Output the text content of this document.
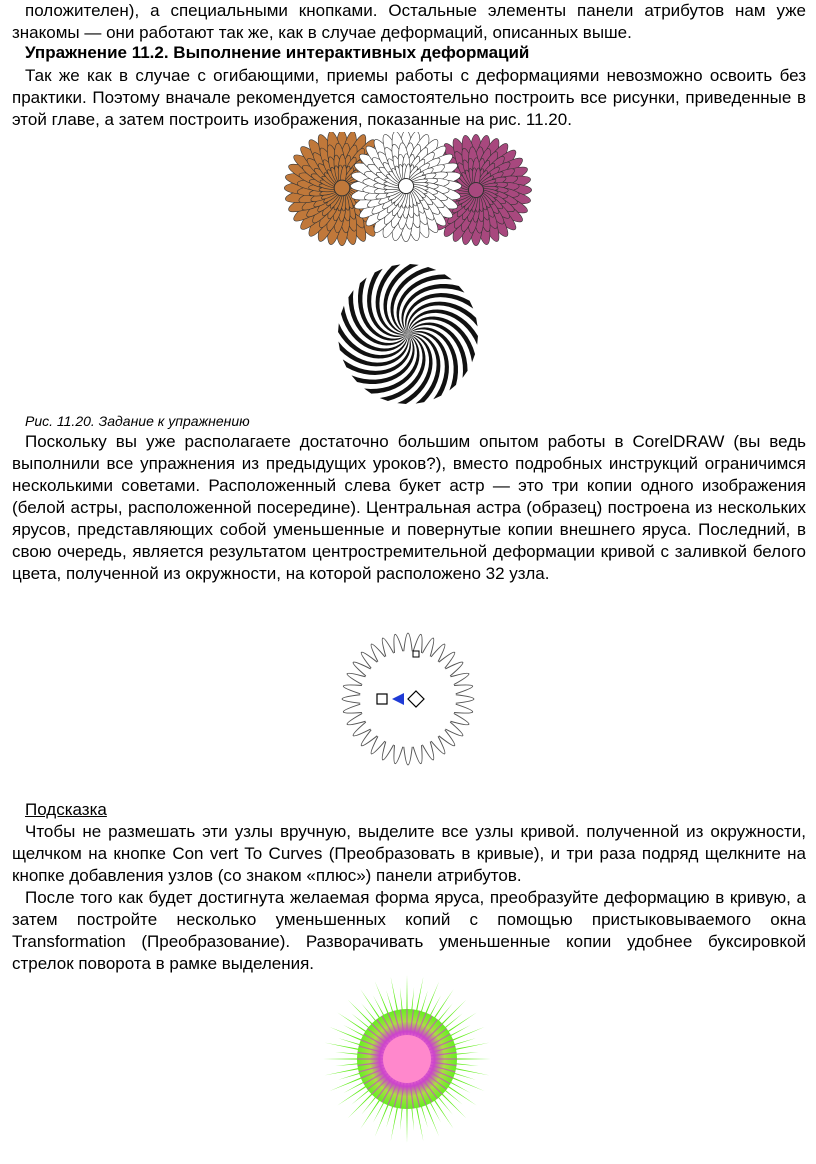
положителен), а специальными кнопками. Остальные элементы панели атрибутов нам уже знакомы — они работают так же, как в случае деформаций, описанных выше.

Упражнение 11.2. Выполнение интерактивных деформаций

Так же как в случае с огибающими, приемы работы с деформациями невозможно освоить без практики. Поэтому вначале рекомендуется самостоятельно построить все рисунки, приведенные в этой главе, а затем построить изображения, показанные на рис. 11.20.

Рис. 11.20. Задание к упражнению

Поскольку вы уже располагаете достаточно большим опытом работы в CorelDRAW (вы ведь выполнили все упражнения из предыдущих уроков?), вместо подробных инструкций ограничимся несколькими советами. Расположенный слева букет астр — это три копии одного изображения (белой астры, расположенной посередине). Центральная астра (образец) построена из нескольких ярусов, представляющих собой уменьшенные и повернутые копии внешнего яруса. Последний, в свою очередь, является результатом центростремительной деформации кривой с заливкой белого цвета, полученной из окружности, на которой расположено 32 узла.

Подсказка

Чтобы не размешать эти узлы вручную, выделите все узлы кривой. полученной из окружности, щелчком на кнопке Con vert To Curves (Преобразовать в кривые), и три раза подряд щелкните на кнопке добавления узлов (со знаком «плюс») панели атрибутов.

После того как будет достигнута желаемая форма яруса, преобразуйте деформацию в кривую, а затем постройте несколько уменьшенных копий с помощью пристыковываемого окна Transformation (Преобразование). Разворачивать уменьшенные копии удобнее буксировкой стрелок поворота в рамке выделения.
